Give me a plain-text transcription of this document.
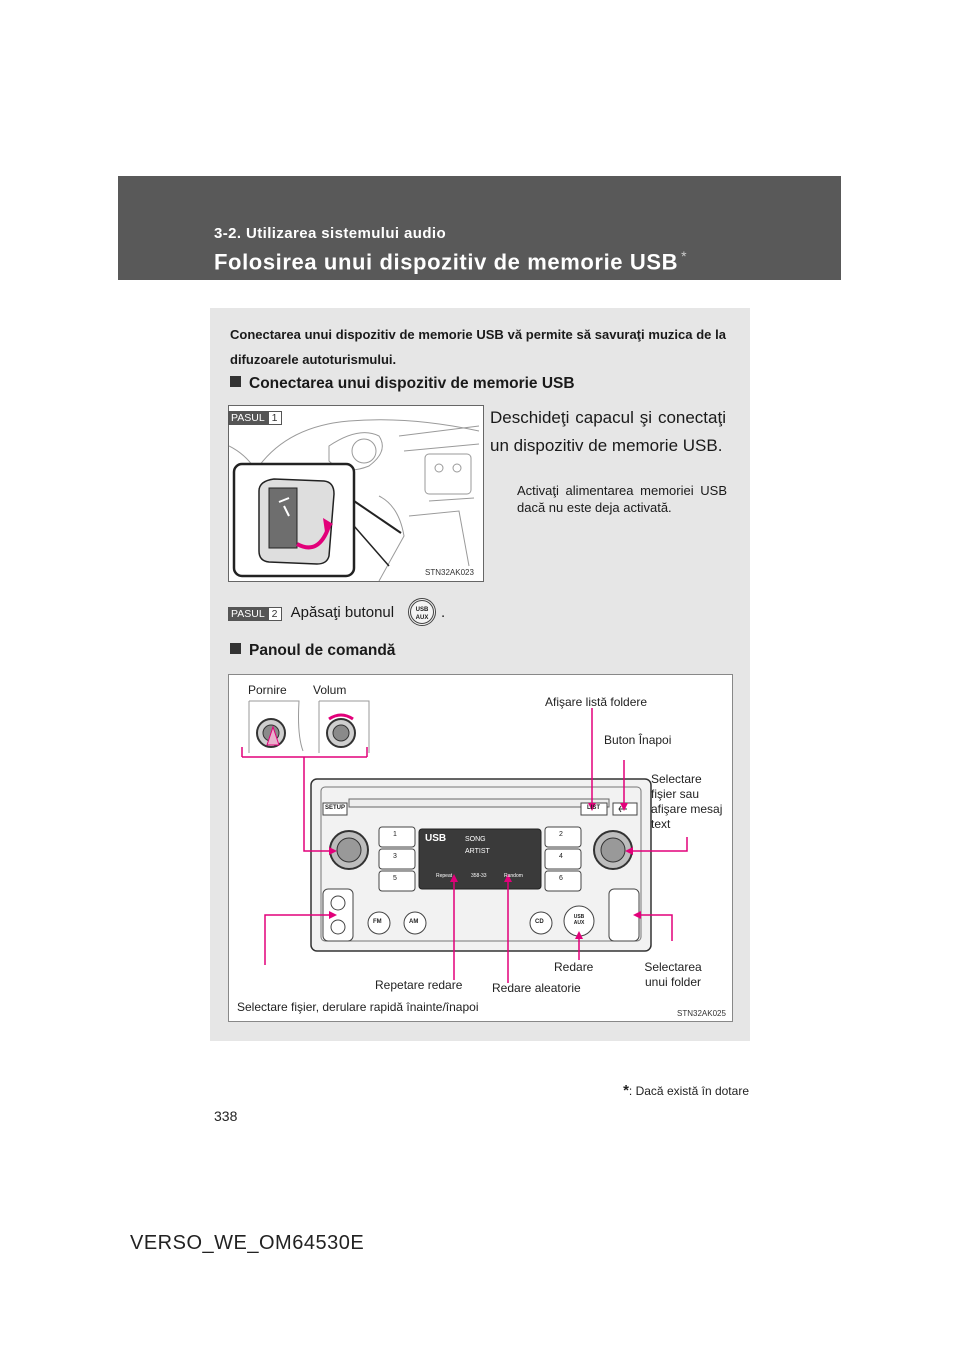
3-2. Utilizarea sistemului audio
Folosirea unui dispozitiv de memorie USB *
Conectarea unui dispozitiv de memorie USB vă permite să savuraţi muzica de la difuzoarele autoturismului.
Conectarea unui dispozitiv de memorie USB
STN32AK023
PASUL 1	Deschideţi capacul şi conectaţi un dispozitiv de memorie USB.
Activaţi alimentarea memoriei USB dacă nu este deja activată.
PASUL 2 Apăsaţi butonul	USB AUX .
Panoul de comandă
SETUP	LIST
1	2
3	4
5	6
USB	SONG
ARTIST
Repeat	358-33	Random
FM	AM	CD
USB AUX
Pornire Volum
Afişare listă foldere
Buton Înapoi
Selectare fişier sau afişare mesaj text
Redare	Selectarea unui folder
Repetare redare Redare aleatorie
Selectare fişier, derulare rapidă înainte/înapoi	STN32AK025
*: Dacă există în dotare
338
VERSO_WE_OM64530E
